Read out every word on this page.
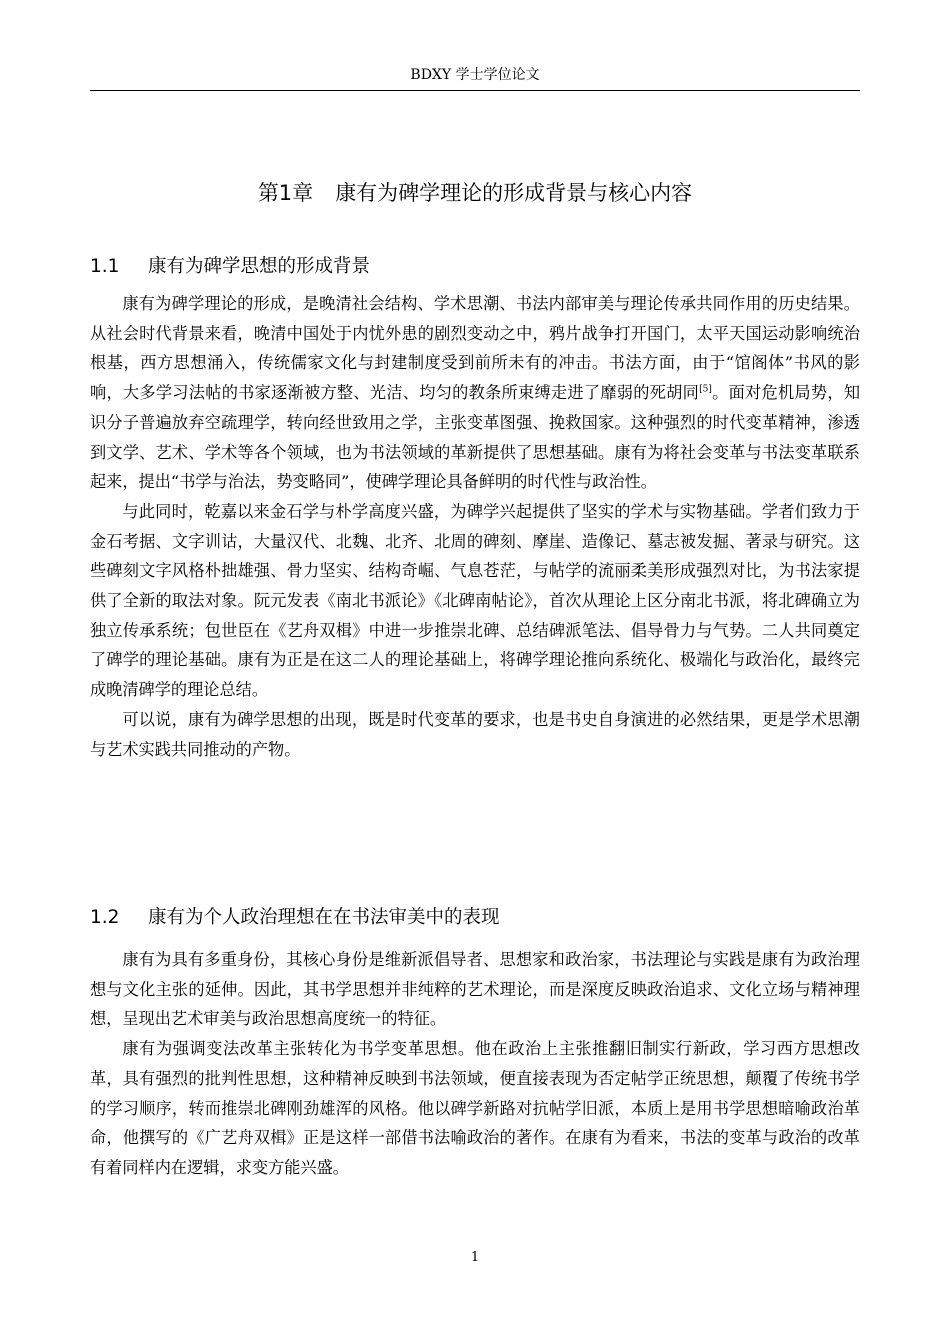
BDXY 学士学位论文
第1章 康有为碑学理论的形成背景与核心内容
1.1 康有为碑学思想的形成背景

康有为碑学理论的形成，是晚清社会结构、学术思潮、书法内部审美与理论传承共同作用的历史结果。从社会时代背景来看，晚清中国处于内忧外患的剧烈变动之中，鸦片战争打开国门，太平天国运动影响统治根基，西方思想涌入，传统儒家文化与封建制度受到前所未有的冲击。书法方面，由于“馆阁体”书风的影响，大多学习法帖的书家逐渐被方整、光洁、均匀的教条所束缚走进了靡弱的死胡同[5]。面对危机局势，知识分子普遍放弃空疏理学，转向经世致用之学，主张变革图强、挽救国家。这种强烈的时代变革精神，渗透到文学、艺术、学术等各个领域，也为书法领域的革新提供了思想基础。康有为将社会变革与书法变革联系起来，提出“书学与治法，势变略同”，使碑学理论具备鲜明的时代性与政治性。

与此同时，乾嘉以来金石学与朴学高度兴盛，为碑学兴起提供了坚实的学术与实物基础。学者们致力于金石考据、文字训诂，大量汉代、北魏、北齐、北周的碑刻、摩崖、造像记、墓志被发掘、著录与研究。这些碑刻文字风格朴拙雄强、骨力坚实、结构奇崛、气息苍茫，与帖学的流丽柔美形成强烈对比，为书法家提供了全新的取法对象。阮元发表《南北书派论》《北碑南帖论》，首次从理论上区分南北书派，将北碑确立为独立传承系统；包世臣在《艺舟双楫》中进一步推崇北碑、总结碑派笔法、倡导骨力与气势。二人共同奠定了碑学的理论基础。康有为正是在这二人的理论基础上，将碑学理论推向系统化、极端化与政治化，最终完成晚清碑学的理论总结。

可以说，康有为碑学思想的出现，既是时代变革的要求，也是书史自身演进的必然结果，更是学术思潮与艺术实践共同推动的产物。

1.2 康有为个人政治理想在在书法审美中的表现

康有为具有多重身份，其核心身份是维新派倡导者、思想家和政治家，书法理论与实践是康有为政治理想与文化主张的延伸。因此，其书学思想并非纯粹的艺术理论，而是深度反映政治追求、文化立场与精神理想，呈现出艺术审美与政治思想高度统一的特征。

康有为强调变法改革主张转化为书学变革思想。他在政治上主张推翻旧制实行新政，学习西方思想改革，具有强烈的批判性思想，这种精神反映到书法领域，便直接表现为否定帖学正统思想，颠覆了传统书学的学习顺序，转而推崇北碑刚劲雄浑的风格。他以碑学新路对抗帖学旧派，本质上是用书学思想暗喻政治革命，他撰写的《广艺舟双楫》正是这样一部借书法喻政治的著作。在康有为看来，书法的变革与政治的改革有着同样内在逻辑，求变方能兴盛。

1
